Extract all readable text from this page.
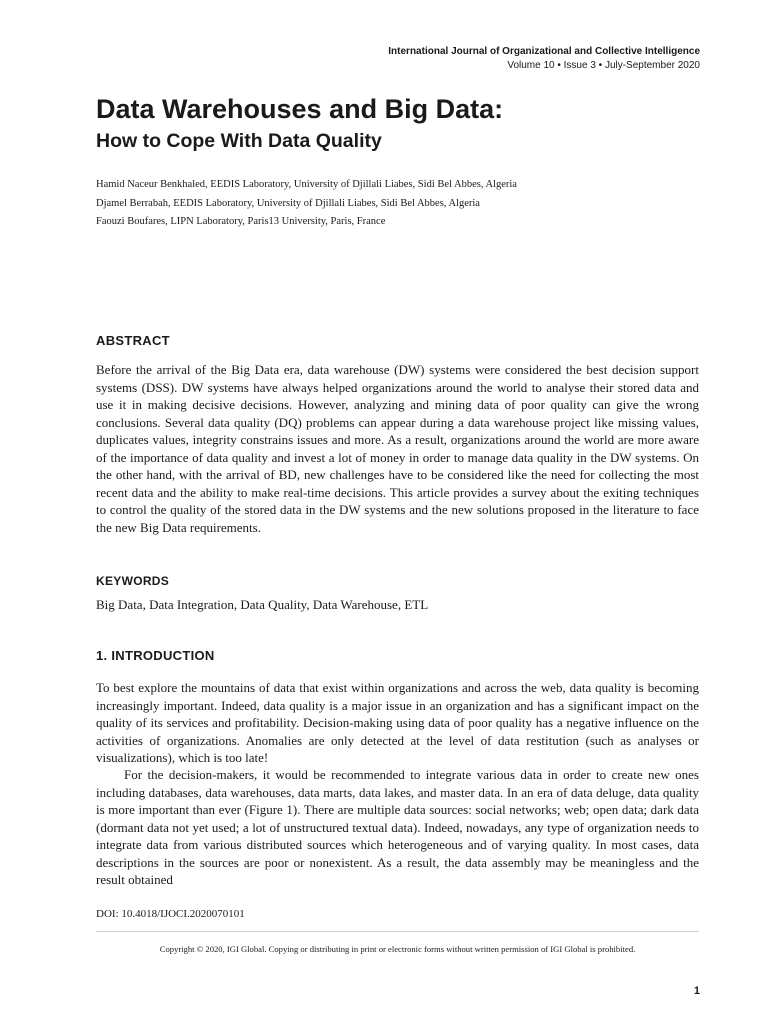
International Journal of Organizational and Collective Intelligence
Volume 10 • Issue 3 • July-September 2020
Data Warehouses and Big Data:
How to Cope With Data Quality
Hamid Naceur Benkhaled, EEDIS Laboratory, University of Djillali Liabes, Sidi Bel Abbes, Algeria
Djamel Berrabah, EEDIS Laboratory, University of Djillali Liabes, Sidi Bel Abbes, Algeria
Faouzi Boufares, LIPN Laboratory, Paris13 University, Paris, France
ABSTRACT

Before the arrival of the Big Data era, data warehouse (DW) systems were considered the best decision support systems (DSS). DW systems have always helped organizations around the world to analyse their stored data and use it in making decisive decisions. However, analyzing and mining data of poor quality can give the wrong conclusions. Several data quality (DQ) problems can appear during a data warehouse project like missing values, duplicates values, integrity constrains issues and more. As a result, organizations around the world are more aware of the importance of data quality and invest a lot of money in order to manage data quality in the DW systems. On the other hand, with the arrival of BD, new challenges have to be considered like the need for collecting the most recent data and the ability to make real-time decisions. This article provides a survey about the exiting techniques to control the quality of the stored data in the DW systems and the new solutions proposed in the literature to face the new Big Data requirements.

KEYWORDS

Big Data, Data Integration, Data Quality, Data Warehouse, ETL

1. INTRODUCTION

To best explore the mountains of data that exist within organizations and across the web, data quality is becoming increasingly important. Indeed, data quality is a major issue in an organization and has a significant impact on the quality of its services and profitability. Decision-making using data of poor quality has a negative influence on the activities of organizations. Anomalies are only detected at the level of data restitution (such as analyses or visualizations), which is too late!

For the decision-makers, it would be recommended to integrate various data in order to create new ones including databases, data warehouses, data marts, data lakes, and master data. In an era of data deluge, data quality is more important than ever (Figure 1). There are multiple data sources: social networks; web; open data; dark data (dormant data not yet used; a lot of unstructured textual data). Indeed, nowadays, any type of organization needs to integrate data from various distributed sources which heterogeneous and of varying quality. In most cases, data descriptions in the sources are poor or nonexistent. As a result, the data assembly may be meaningless and the result obtained

DOI: 10.4018/IJOCI.2020070101
Copyright © 2020, IGI Global. Copying or distributing in print or electronic forms without written permission of IGI Global is prohibited.
1
